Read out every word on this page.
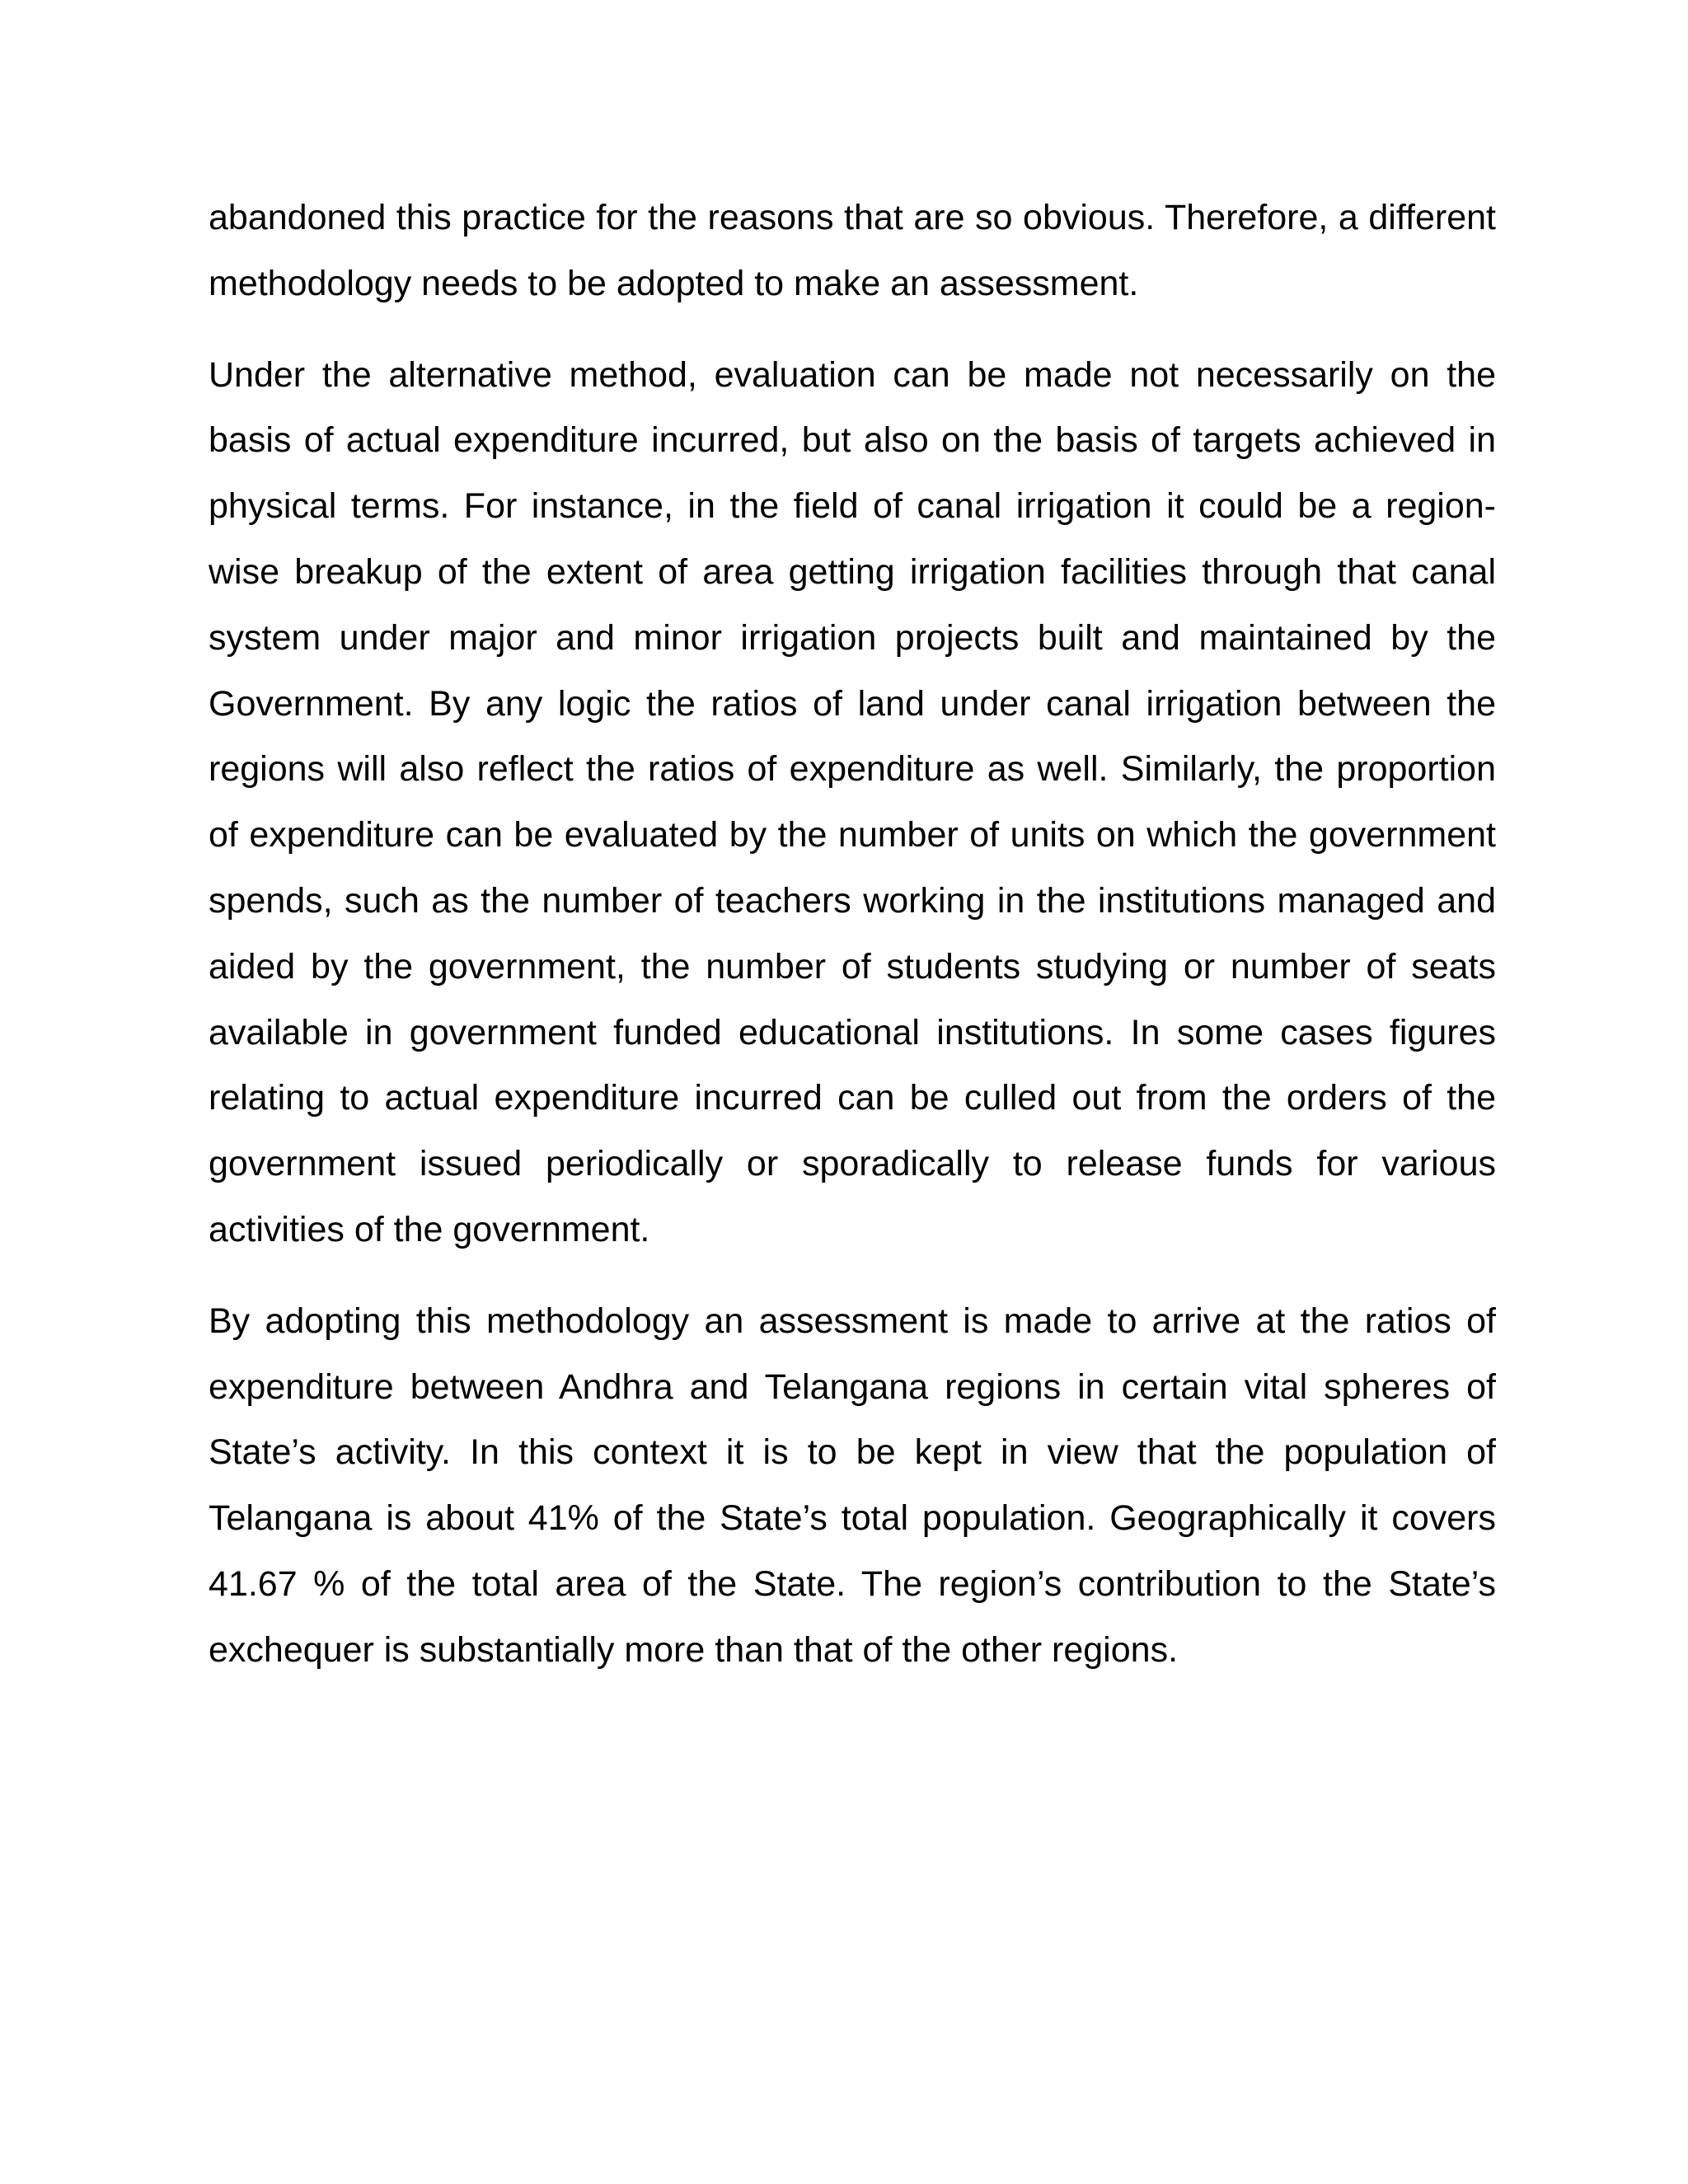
abandoned this practice for the reasons that are so obvious. Therefore, a different methodology needs to be adopted to make an assessment.

Under the alternative method, evaluation can be made not necessarily on the basis of actual expenditure incurred, but also on the basis of targets achieved in physical terms. For instance, in the field of canal irrigation it could be a region-wise breakup of the extent of area getting irrigation facilities through that canal system under major and minor irrigation projects built and maintained by the Government. By any logic the ratios of land under canal irrigation between the regions will also reflect the ratios of expenditure as well. Similarly, the proportion of expenditure can be evaluated by the number of units on which the government spends, such as the number of teachers working in the institutions managed and aided by the government, the number of students studying or number of seats available in government funded educational institutions. In some cases figures relating to actual expenditure incurred can be culled out from the orders of the government issued periodically or sporadically to release funds for various activities of the government.

By adopting this methodology an assessment is made to arrive at the ratios of expenditure between Andhra and Telangana regions in certain vital spheres of State’s activity. In this context it is to be kept in view that the population of Telangana is about 41% of the State’s total population. Geographically it covers 41.67 % of the total area of the State. The region’s contribution to the State’s exchequer is substantially more than that of the other regions.
